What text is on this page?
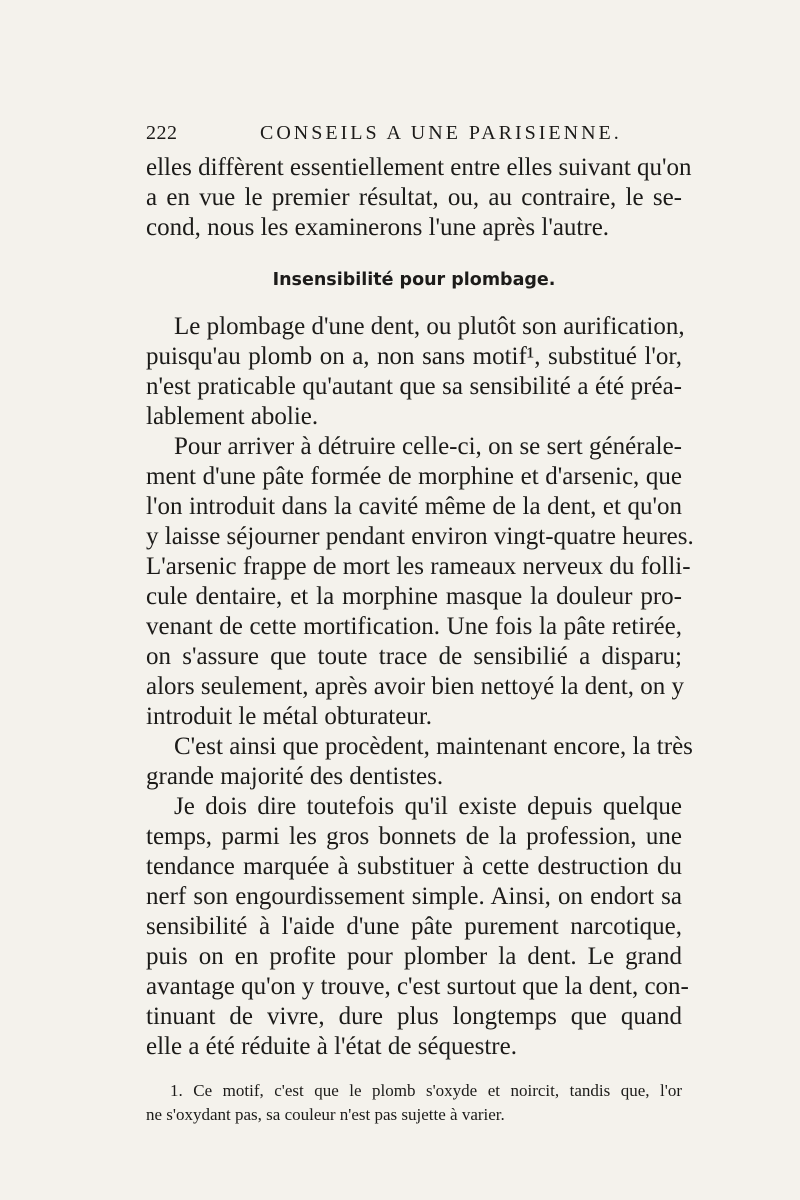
222	CONSEILS A UNE PARISIENNE.
elles diffèrent essentiellement entre elles suivant qu'on
a en vue le premier résultat, ou, au contraire, le se-
cond, nous les examinerons l'une après l'autre.
Insensibilité pour plombage.
Le plombage d'une dent, ou plutôt son aurification,
puisqu'au plomb on a, non sans motif¹, substitué l'or,
n'est praticable qu'autant que sa sensibilité a été préa-
lablement abolie.
Pour arriver à détruire celle-ci, on se sert générale-
ment d'une pâte formée de morphine et d'arsenic, que
l'on introduit dans la cavité même de la dent, et qu'on
y laisse séjourner pendant environ vingt-quatre heures.
L'arsenic frappe de mort les rameaux nerveux du folli-
cule dentaire, et la morphine masque la douleur pro-
venant de cette mortification. Une fois la pâte retirée,
on s'assure que toute trace de sensibilié a disparu;
alors seulement, après avoir bien nettoyé la dent, on y
introduit le métal obturateur.
C'est ainsi que procèdent, maintenant encore, la très
grande majorité des dentistes.
Je dois dire toutefois qu'il existe depuis quelque
temps, parmi les gros bonnets de la profession, une
tendance marquée à substituer à cette destruction du
nerf son engourdissement simple. Ainsi, on endort sa
sensibilité à l'aide d'une pâte purement narcotique,
puis on en profite pour plomber la dent. Le grand
avantage qu'on y trouve, c'est surtout que la dent, con-
tinuant de vivre, dure plus longtemps que quand
elle a été réduite à l'état de séquestre.
1. Ce motif, c'est que le plomb s'oxyde et noircit, tandis que, l'or
ne s'oxydant pas, sa couleur n'est pas sujette à varier.
